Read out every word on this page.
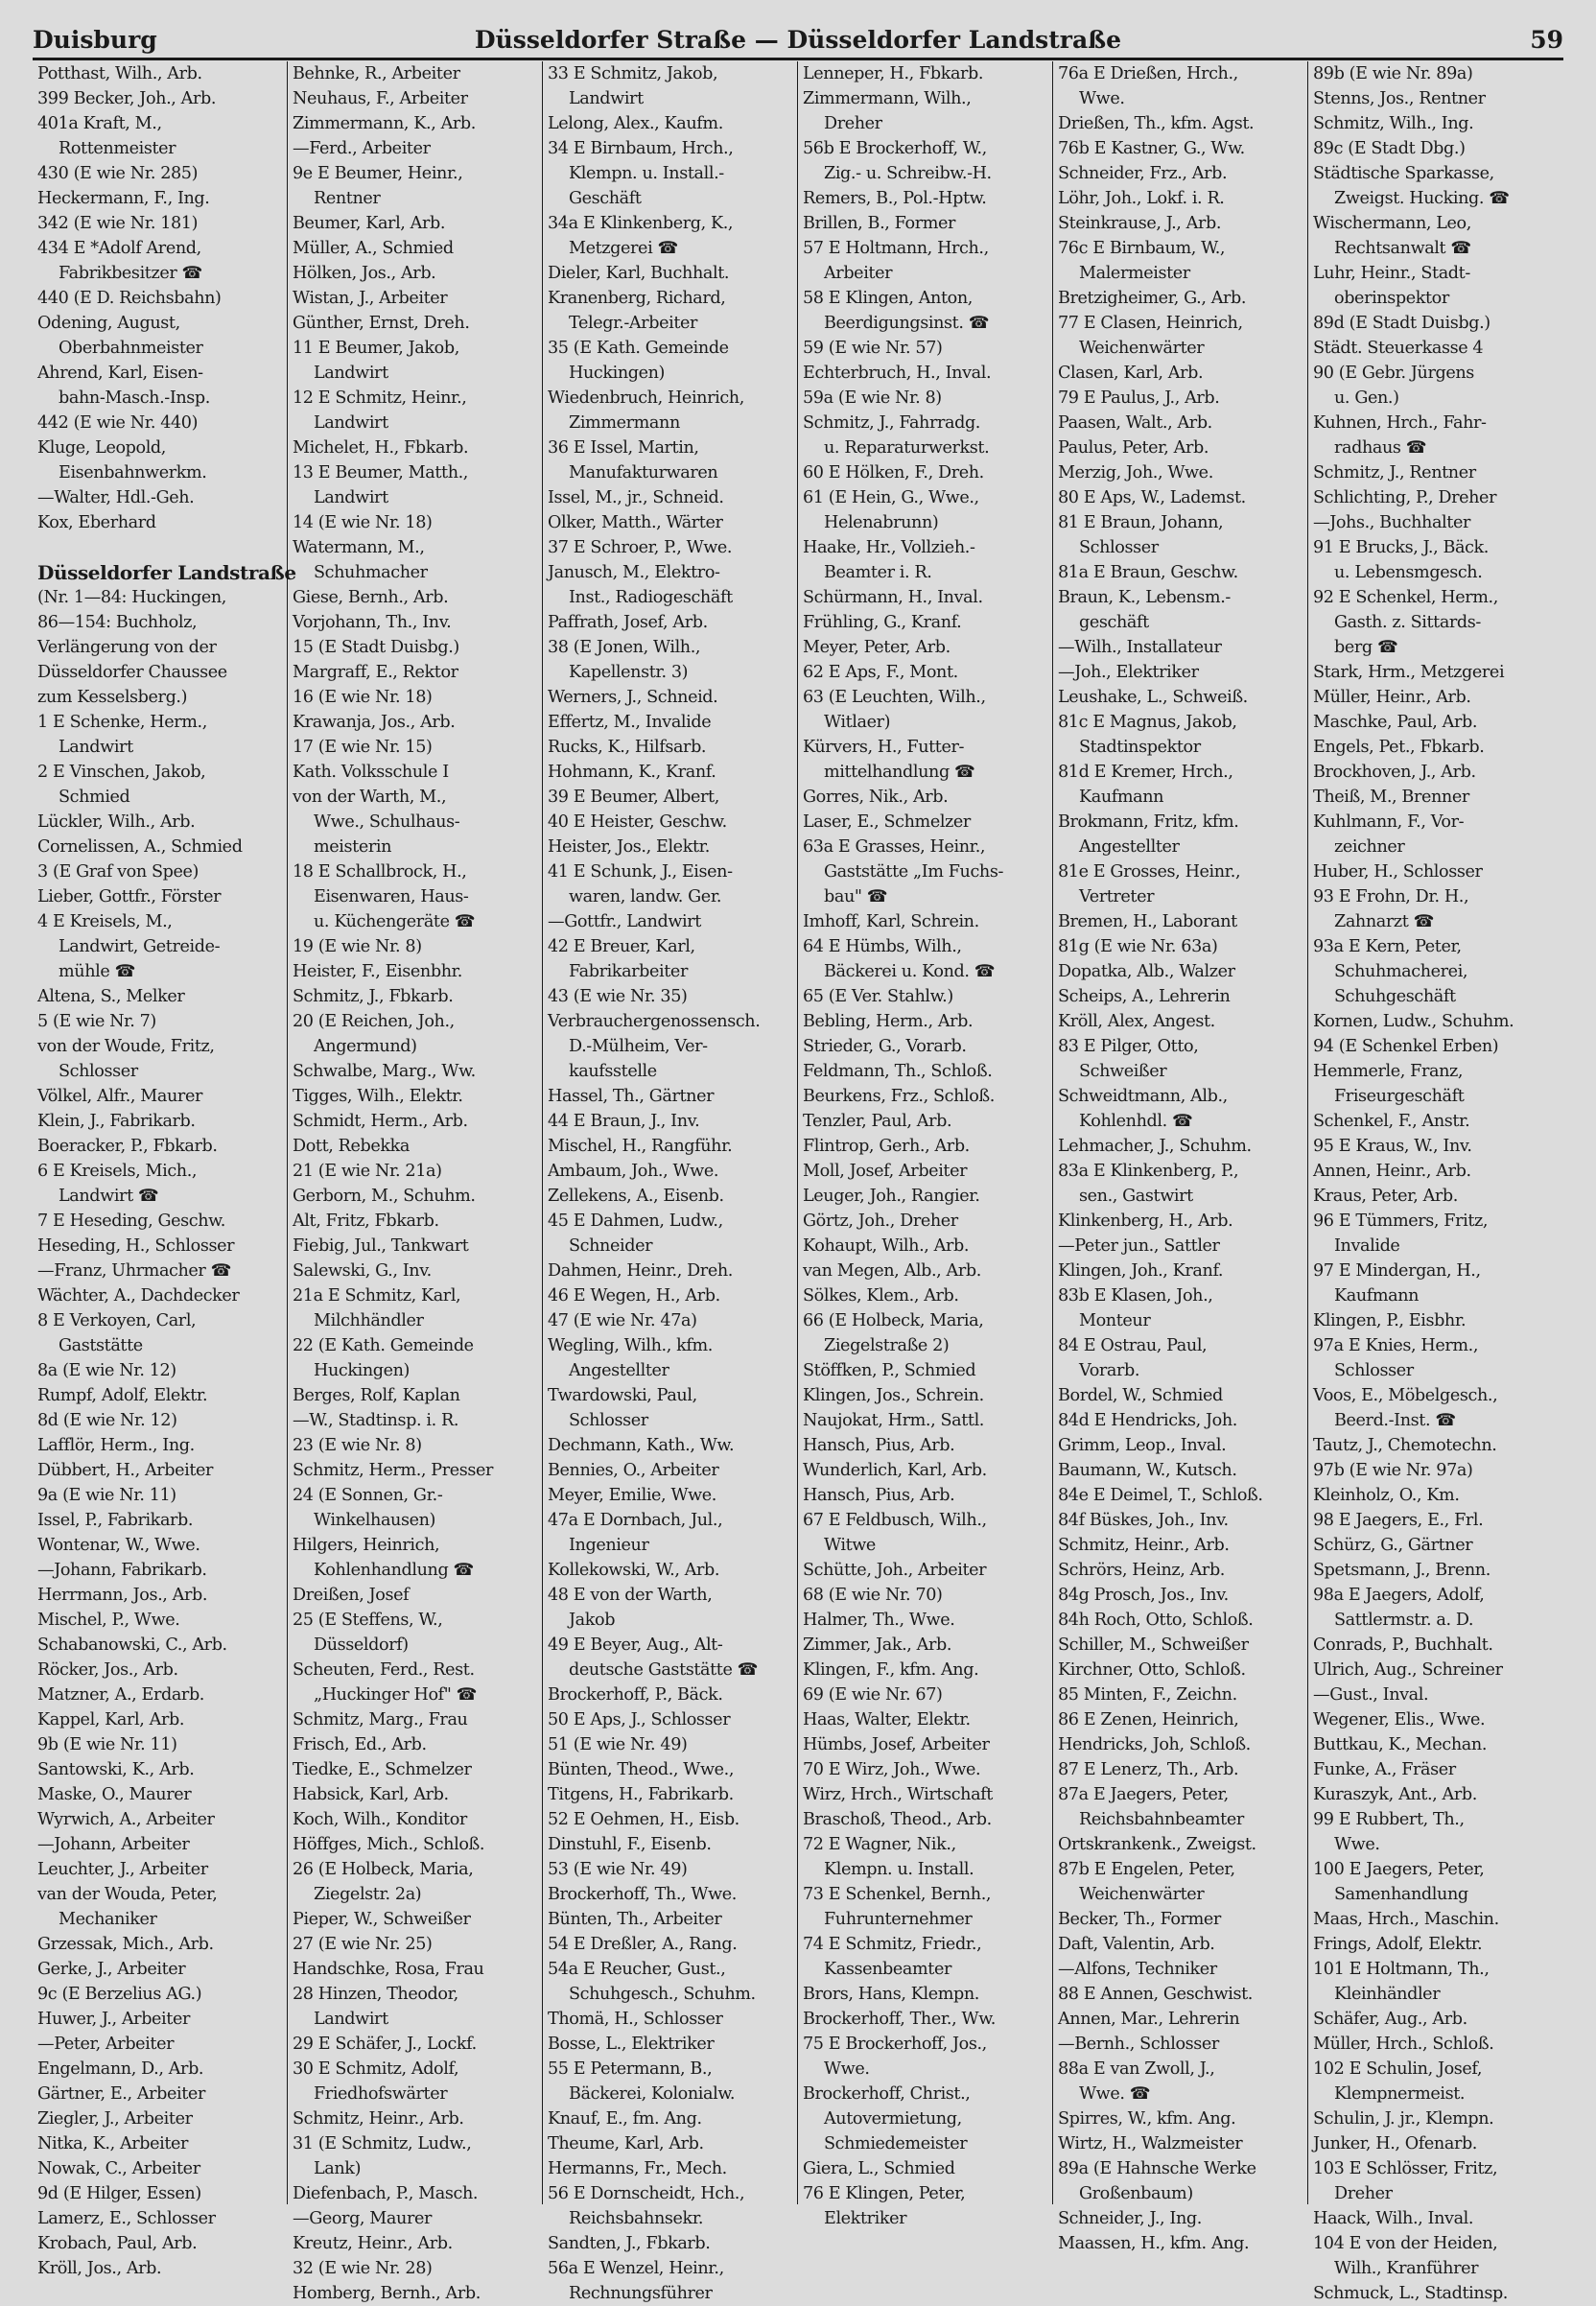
Duisburg	Düsseldorfer Straße — Düsseldorfer Landstraße	59
Potthast, Wilh., Arb.
399 Becker, Joh., Arb.
401a Kraft, M.,
Rottenmeister
430 (E wie Nr. 285)
Heckermann, F., Ing.
342 (E wie Nr. 181)
434 E *Adolf Arend,
Fabrikbesitzer ☎
440 (E D. Reichsbahn)
Odening, August,
Oberbahnmeister
Ahrend, Karl, Eisen-
bahn-Masch.-Insp.
442 (E wie Nr. 440)
Kluge, Leopold,
Eisenbahnwerkm.
—Walter, Hdl.-Geh.
Kox, Eberhard
Düsseldorfer Landstraße
(Nr. 1—84: Huckingen,
86—154: Buchholz,
Verlängerung von der
Düsseldorfer Chaussee
zum Kesselsberg.)
1 E Schenke, Herm.,
Landwirt
2 E Vinschen, Jakob,
Schmied
Lückler, Wilh., Arb.
Cornelissen, A., Schmied
3 (E Graf von Spee)
Lieber, Gottfr., Förster
4 E Kreisels, M.,
Landwirt, Getreide-
mühle ☎
Altena, S., Melker
5 (E wie Nr. 7)
von der Woude, Fritz,
Schlosser
Völkel, Alfr., Maurer
Klein, J., Fabrikarb.
Boeracker, P., Fbkarb.
6 E Kreisels, Mich.,
Landwirt ☎
7 E Heseding, Geschw.
Heseding, H., Schlosser
—Franz, Uhrmacher ☎
Wächter, A., Dachdecker
8 E Verkoyen, Carl,
Gaststätte
8a (E wie Nr. 12)
Rumpf, Adolf, Elektr.
8d (E wie Nr. 12)
Lafflör, Herm., Ing.
Dübbert, H., Arbeiter
9a (E wie Nr. 11)
Issel, P., Fabrikarb.
Wontenar, W., Wwe.
—Johann, Fabrikarb.
Herrmann, Jos., Arb.
Mischel, P., Wwe.
Schabanowski, C., Arb.
Röcker, Jos., Arb.
Matzner, A., Erdarb.
Kappel, Karl, Arb.
9b (E wie Nr. 11)
Santowski, K., Arb.
Maske, O., Maurer
Wyrwich, A., Arbeiter
—Johann, Arbeiter
Leuchter, J., Arbeiter
van der Wouda, Peter,
Mechaniker
Grzessak, Mich., Arb.
Gerke, J., Arbeiter
9c (E Berzelius AG.)
Huwer, J., Arbeiter
—Peter, Arbeiter
Engelmann, D., Arb.
Gärtner, E., Arbeiter
Ziegler, J., Arbeiter
Nitka, K., Arbeiter
Nowak, C., Arbeiter
9d (E Hilger, Essen)
Lamerz, E., Schlosser
Krobach, Paul, Arb.
Kröll, Jos., Arb.
Behnke, R., Arbeiter
Neuhaus, F., Arbeiter
Zimmermann, K., Arb.
—Ferd., Arbeiter
9e E Beumer, Heinr.,
Rentner
Beumer, Karl, Arb.
Müller, A., Schmied
Hölken, Jos., Arb.
Wistan, J., Arbeiter
Günther, Ernst, Dreh.
11 E Beumer, Jakob,
Landwirt
12 E Schmitz, Heinr.,
Landwirt
Michelet, H., Fbkarb.
13 E Beumer, Matth.,
Landwirt
14 (E wie Nr. 18)
Watermann, M.,
Schuhmacher
Giese, Bernh., Arb.
Vorjohann, Th., Inv.
15 (E Stadt Duisbg.)
Margraff, E., Rektor
16 (E wie Nr. 18)
Krawanja, Jos., Arb.
17 (E wie Nr. 15)
Kath. Volksschule I
von der Warth, M.,
Wwe., Schulhaus-
meisterin
18 E Schallbrock, H.,
Eisenwaren, Haus-
u. Küchengeräte ☎
19 (E wie Nr. 8)
Heister, F., Eisenbhr.
Schmitz, J., Fbkarb.
20 (E Reichen, Joh.,
Angermund)
Schwalbe, Marg., Ww.
Tigges, Wilh., Elektr.
Schmidt, Herm., Arb.
Dott, Rebekka
21 (E wie Nr. 21a)
Gerborn, M., Schuhm.
Alt, Fritz, Fbkarb.
Fiebig, Jul., Tankwart
Salewski, G., Inv.
21a E Schmitz, Karl,
Milchhändler
22 (E Kath. Gemeinde
Huckingen)
Berges, Rolf, Kaplan
—W., Stadtinsp. i. R.
23 (E wie Nr. 8)
Schmitz, Herm., Presser
24 (E Sonnen, Gr.-
Winkelhausen)
Hilgers, Heinrich,
Kohlenhandlung ☎
Dreißen, Josef
25 (E Steffens, W.,
Düsseldorf)
Scheuten, Ferd., Rest.
„Huckinger Hof" ☎
Schmitz, Marg., Frau
Frisch, Ed., Arb.
Tiedke, E., Schmelzer
Habsick, Karl, Arb.
Koch, Wilh., Konditor
Höffges, Mich., Schloß.
26 (E Holbeck, Maria,
Ziegelstr. 2a)
Pieper, W., Schweißer
27 (E wie Nr. 25)
Handschke, Rosa, Frau
28 Hinzen, Theodor,
Landwirt
29 E Schäfer, J., Lockf.
30 E Schmitz, Adolf,
Friedhofswärter
Schmitz, Heinr., Arb.
31 (E Schmitz, Ludw.,
Lank)
Diefenbach, P., Masch.
—Georg, Maurer
Kreutz, Heinr., Arb.
32 (E wie Nr. 28)
Homberg, Bernh., Arb.
33 E Schmitz, Jakob,
Landwirt
Lelong, Alex., Kaufm.
34 E Birnbaum, Hrch.,
Klempn. u. Install.-
Geschäft
34a E Klinkenberg, K.,
Metzgerei ☎
Dieler, Karl, Buchhalt.
Kranenberg, Richard,
Telegr.-Arbeiter
35 (E Kath. Gemeinde
Huckingen)
Wiedenbruch, Heinrich,
Zimmermann
36 E Issel, Martin,
Manufakturwaren
Issel, M., jr., Schneid.
Olker, Matth., Wärter
37 E Schroer, P., Wwe.
Janusch, M., Elektro-
Inst., Radiogeschäft
Paffrath, Josef, Arb.
38 (E Jonen, Wilh.,
Kapellenstr. 3)
Werners, J., Schneid.
Effertz, M., Invalide
Rucks, K., Hilfsarb.
Hohmann, K., Kranf.
39 E Beumer, Albert,
40 E Heister, Geschw.
Heister, Jos., Elektr.
41 E Schunk, J., Eisen-
waren, landw. Ger.
—Gottfr., Landwirt
42 E Breuer, Karl,
Fabrikarbeiter
43 (E wie Nr. 35)
Verbrauchergenossensch.
D.-Mülheim, Ver-
kaufsstelle
Hassel, Th., Gärtner
44 E Braun, J., Inv.
Mischel, H., Rangführ.
Ambaum, Joh., Wwe.
Zellekens, A., Eisenb.
45 E Dahmen, Ludw.,
Schneider
Dahmen, Heinr., Dreh.
46 E Wegen, H., Arb.
47 (E wie Nr. 47a)
Wegling, Wilh., kfm.
Angestellter
Twardowski, Paul,
Schlosser
Dechmann, Kath., Ww.
Bennies, O., Arbeiter
Meyer, Emilie, Wwe.
47a E Dornbach, Jul.,
Ingenieur
Kollekowski, W., Arb.
48 E von der Warth,
Jakob
49 E Beyer, Aug., Alt-
deutsche Gaststätte ☎
Brockerhoff, P., Bäck.
50 E Aps, J., Schlosser
51 (E wie Nr. 49)
Bünten, Theod., Wwe.,
Titgens, H., Fabrikarb.
52 E Oehmen, H., Eisb.
Dinstuhl, F., Eisenb.
53 (E wie Nr. 49)
Brockerhoff, Th., Wwe.
Bünten, Th., Arbeiter
54 E Dreßler, A., Rang.
54a E Reucher, Gust.,
Schuhgesch., Schuhm.
Thomä, H., Schlosser
Bosse, L., Elektriker
55 E Petermann, B.,
Bäckerei, Kolonialw.
Knauf, E., fm. Ang.
Theume, Karl, Arb.
Hermanns, Fr., Mech.
56 E Dornscheidt, Hch.,
Reichsbahnsekr.
Sandten, J., Fbkarb.
56a E Wenzel, Heinr.,
Rechnungsführer
Lenneper, H., Fbkarb.
Zimmermann, Wilh.,
Dreher
56b E Brockerhoff, W.,
Zig.- u. Schreibw.-H.
Remers, B., Pol.-Hptw.
Brillen, B., Former
57 E Holtmann, Hrch.,
Arbeiter
58 E Klingen, Anton,
Beerdigungsinst. ☎
59 (E wie Nr. 57)
Echterbruch, H., Inval.
59a (E wie Nr. 8)
Schmitz, J., Fahrradg.
u. Reparaturwerkst.
60 E Hölken, F., Dreh.
61 (E Hein, G., Wwe.,
Helenabrunn)
Haake, Hr., Vollzieh.-
Beamter i. R.
Schürmann, H., Inval.
Frühling, G., Kranf.
Meyer, Peter, Arb.
62 E Aps, F., Mont.
63 (E Leuchten, Wilh.,
Witlaer)
Kürvers, H., Futter-
mittelhandlung ☎
Gorres, Nik., Arb.
Laser, E., Schmelzer
63a E Grasses, Heinr.,
Gaststätte „Im Fuchs-
bau" ☎
Imhoff, Karl, Schrein.
64 E Hümbs, Wilh.,
Bäckerei u. Kond. ☎
65 (E Ver. Stahlw.)
Bebling, Herm., Arb.
Strieder, G., Vorarb.
Feldmann, Th., Schloß.
Beurkens, Frz., Schloß.
Tenzler, Paul, Arb.
Flintrop, Gerh., Arb.
Moll, Josef, Arbeiter
Leuger, Joh., Rangier.
Görtz, Joh., Dreher
Kohaupt, Wilh., Arb.
van Megen, Alb., Arb.
Sölkes, Klem., Arb.
66 (E Holbeck, Maria,
Ziegelstraße 2)
Stöffken, P., Schmied
Klingen, Jos., Schrein.
Naujokat, Hrm., Sattl.
Hansch, Pius, Arb.
Wunderlich, Karl, Arb.
Hansch, Pius, Arb.
67 E Feldbusch, Wilh.,
Witwe
Schütte, Joh., Arbeiter
68 (E wie Nr. 70)
Halmer, Th., Wwe.
Zimmer, Jak., Arb.
Klingen, F., kfm. Ang.
69 (E wie Nr. 67)
Haas, Walter, Elektr.
Hümbs, Josef, Arbeiter
70 E Wirz, Joh., Wwe.
Wirz, Hrch., Wirtschaft
Braschoß, Theod., Arb.
72 E Wagner, Nik.,
Klempn. u. Install.
73 E Schenkel, Bernh.,
Fuhrunternehmer
74 E Schmitz, Friedr.,
Kassenbeamter
Brors, Hans, Klempn.
Brockerhoff, Ther., Ww.
75 E Brockerhoff, Jos.,
Wwe.
Brockerhoff, Christ.,
Autovermietung,
Schmiedemeister
Giera, L., Schmied
76 E Klingen, Peter,
Elektriker
76a E Drießen, Hrch.,
Wwe.
Drießen, Th., kfm. Agst.
76b E Kastner, G., Ww.
Schneider, Frz., Arb.
Löhr, Joh., Lokf. i. R.
Steinkrause, J., Arb.
76c E Birnbaum, W.,
Malermeister
Bretzigheimer, G., Arb.
77 E Clasen, Heinrich,
Weichenwärter
Clasen, Karl, Arb.
79 E Paulus, J., Arb.
Paasen, Walt., Arb.
Paulus, Peter, Arb.
Merzig, Joh., Wwe.
80 E Aps, W., Lademst.
81 E Braun, Johann,
Schlosser
81a E Braun, Geschw.
Braun, K., Lebensm.-
geschäft
—Wilh., Installateur
—Joh., Elektriker
Leushake, L., Schweiß.
81c E Magnus, Jakob,
Stadtinspektor
81d E Kremer, Hrch.,
Kaufmann
Brokmann, Fritz, kfm.
Angestellter
81e E Grosses, Heinr.,
Vertreter
Bremen, H., Laborant
81g (E wie Nr. 63a)
Dopatka, Alb., Walzer
Scheips, A., Lehrerin
Kröll, Alex, Angest.
83 E Pilger, Otto,
Schweißer
Schweidtmann, Alb.,
Kohlenhdl. ☎
Lehmacher, J., Schuhm.
83a E Klinkenberg, P.,
sen., Gastwirt
Klinkenberg, H., Arb.
—Peter jun., Sattler
Klingen, Joh., Kranf.
83b E Klasen, Joh.,
Monteur
84 E Ostrau, Paul,
Vorarb.
Bordel, W., Schmied
84d E Hendricks, Joh.
Grimm, Leop., Inval.
Baumann, W., Kutsch.
84e E Deimel, T., Schloß.
84f Büskes, Joh., Inv.
Schmitz, Heinr., Arb.
Schrörs, Heinz, Arb.
84g Prosch, Jos., Inv.
84h Roch, Otto, Schloß.
Schiller, M., Schweißer
Kirchner, Otto, Schloß.
85 Minten, F., Zeichn.
86 E Zenen, Heinrich,
Hendricks, Joh, Schloß.
87 E Lenerz, Th., Arb.
87a E Jaegers, Peter,
Reichsbahnbeamter
Ortskrankenk., Zweigst.
87b E Engelen, Peter,
Weichenwärter
Becker, Th., Former
Daft, Valentin, Arb.
—Alfons, Techniker
88 E Annen, Geschwist.
Annen, Mar., Lehrerin
—Bernh., Schlosser
88a E van Zwoll, J.,
Wwe. ☎
Spirres, W., kfm. Ang.
Wirtz, H., Walzmeister
89a (E Hahnsche Werke
Großenbaum)
Schneider, J., Ing.
Maassen, H., kfm. Ang.
89b (E wie Nr. 89a)
Stenns, Jos., Rentner
Schmitz, Wilh., Ing.
89c (E Stadt Dbg.)
Städtische Sparkasse,
Zweigst. Hucking. ☎
Wischermann, Leo,
Rechtsanwalt ☎
Luhr, Heinr., Stadt-
oberinspektor
89d (E Stadt Duisbg.)
Städt. Steuerkasse 4
90 (E Gebr. Jürgens
u. Gen.)
Kuhnen, Hrch., Fahr-
radhaus ☎
Schmitz, J., Rentner
Schlichting, P., Dreher
—Johs., Buchhalter
91 E Brucks, J., Bäck.
u. Lebensmgesch.
92 E Schenkel, Herm.,
Gasth. z. Sittards-
berg ☎
Stark, Hrm., Metzgerei
Müller, Heinr., Arb.
Maschke, Paul, Arb.
Engels, Pet., Fbkarb.
Brockhoven, J., Arb.
Theiß, M., Brenner
Kuhlmann, F., Vor-
zeichner
Huber, H., Schlosser
93 E Frohn, Dr. H.,
Zahnarzt ☎
93a E Kern, Peter,
Schuhmacherei,
Schuhgeschäft
Kornen, Ludw., Schuhm.
94 (E Schenkel Erben)
Hemmerle, Franz,
Friseurgeschäft
Schenkel, F., Anstr.
95 E Kraus, W., Inv.
Annen, Heinr., Arb.
Kraus, Peter, Arb.
96 E Tümmers, Fritz,
Invalide
97 E Mindergan, H.,
Kaufmann
Klingen, P., Eisbhr.
97a E Knies, Herm.,
Schlosser
Voos, E., Möbelgesch.,
Beerd.-Inst. ☎
Tautz, J., Chemotechn.
97b (E wie Nr. 97a)
Kleinholz, O., Km.
98 E Jaegers, E., Frl.
Schürz, G., Gärtner
Spetsmann, J., Brenn.
98a E Jaegers, Adolf,
Sattlermstr. a. D.
Conrads, P., Buchhalt.
Ulrich, Aug., Schreiner
—Gust., Inval.
Wegener, Elis., Wwe.
Buttkau, K., Mechan.
Funke, A., Fräser
Kuraszyk, Ant., Arb.
99 E Rubbert, Th.,
Wwe.
100 E Jaegers, Peter,
Samenhandlung
Maas, Hrch., Maschin.
Frings, Adolf, Elektr.
101 E Holtmann, Th.,
Kleinhändler
Schäfer, Aug., Arb.
Müller, Hrch., Schloß.
102 E Schulin, Josef,
Klempnermeist.
Schulin, J. jr., Klempn.
Junker, H., Ofenarb.
103 E Schlösser, Fritz,
Dreher
Haack, Wilh., Inval.
104 E von der Heiden,
Wilh., Kranführer
Schmuck, L., Stadtinsp.
